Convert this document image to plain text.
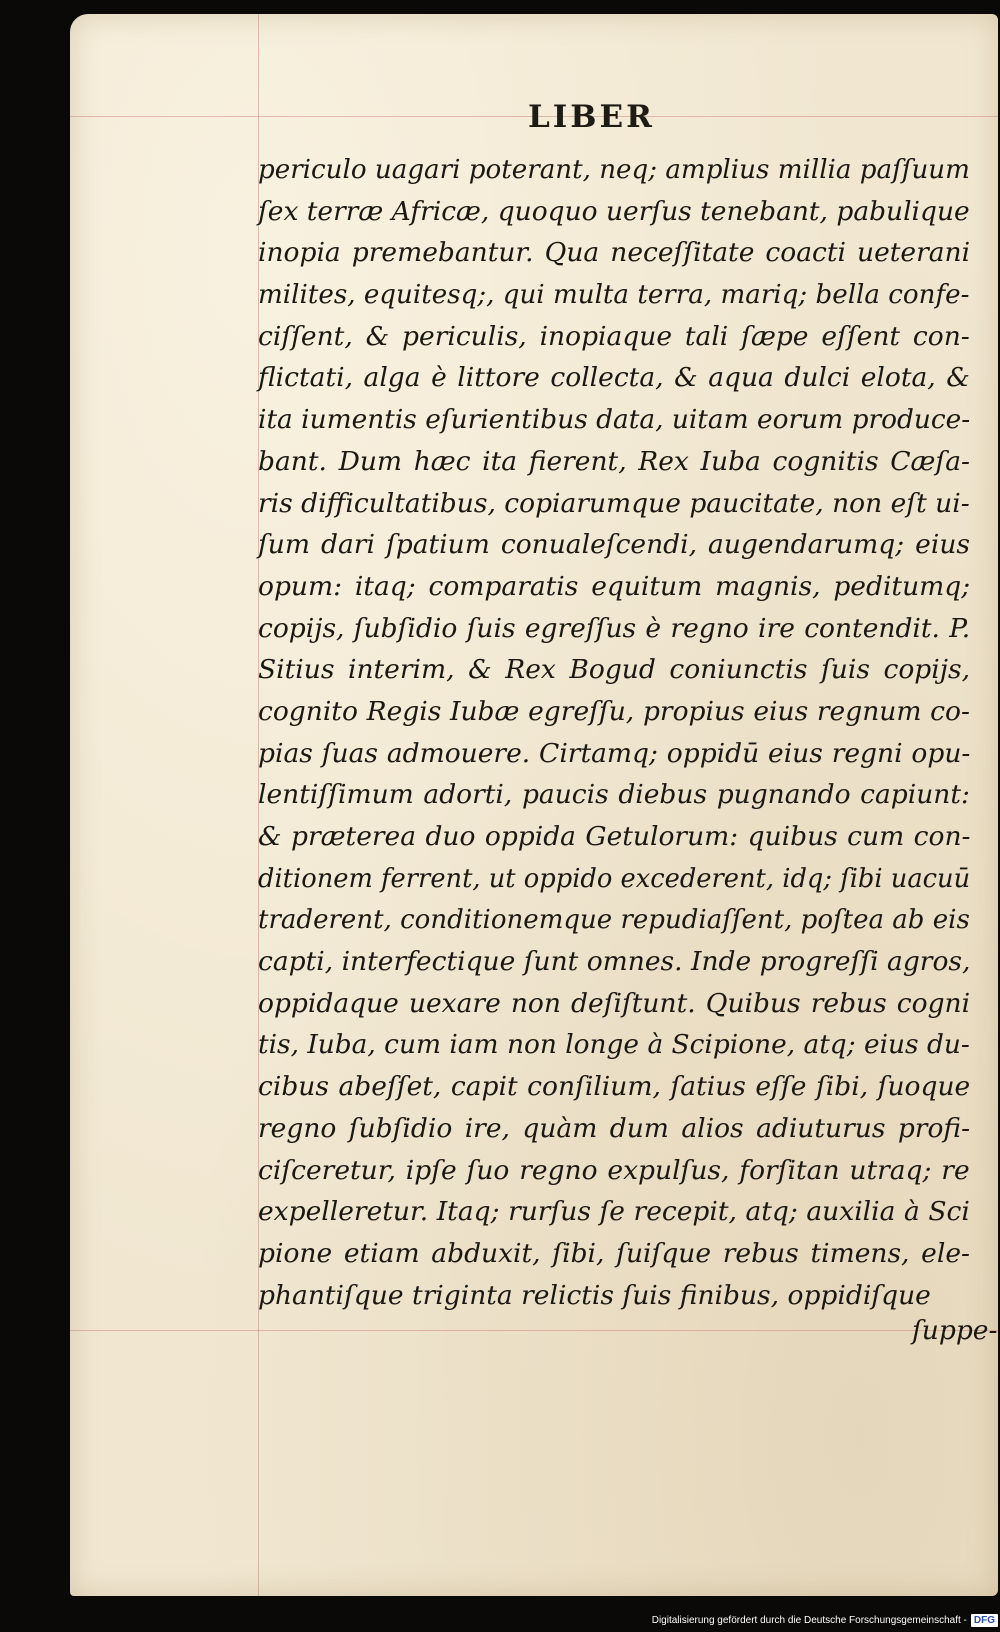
LIBER
periculo uagari poterant, neq; amplius millia paſſuum
ſex terræ Africæ, quoquo uerſus tenebant, pabulique
inopia premebantur. Qua neceſſitate coacti ueterani
milites, equitesq;, qui multa terra, mariq; bella confe-
ciſſent, & periculis, inopiaque tali ſæpe eſſent con-
flictati, alga è littore collecta, & aqua dulci elota, &
ita iumentis eſurientibus data, uitam eorum produce-
bant. Dum hæc ita fierent, Rex Iuba cognitis Cæſa-
ris difficultatibus, copiarumque paucitate, non eſt ui-
ſum dari ſpatium conualeſcendi, augendarumq; eius
opum: itaq; comparatis equitum magnis, peditumq;
copijs, ſubſidio ſuis egreſſus è regno ire contendit. P.
Sitius interim, & Rex Bogud coniunctis ſuis copijs,
cognito Regis Iubæ egreſſu, propius eius regnum co-
pias ſuas admouere. Cirtamq; oppidū eius regni opu-
lentiſſimum adorti, paucis diebus pugnando capiunt:
& præterea duo oppida Getulorum: quibus cum con-
ditionem ferrent, ut oppido excederent, idq; ſibi uacuū
traderent, conditionemque repudiaſſent, poſtea ab eis
capti, interfectique ſunt omnes. Inde progreſſi agros,
oppidaque uexare non deſiſtunt. Quibus rebus cogni
tis, Iuba, cum iam non longe à Scipione, atq; eius du-
cibus abeſſet, capit conſilium, ſatius eſſe ſibi, ſuoque
regno ſubſidio ire, quàm dum alios adiuturus profi-
ciſceretur, ipſe ſuo regno expulſus, forſitan utraq; re
expelleretur. Itaq; rurſus ſe recepit, atq; auxilia à Sci
pione etiam abduxit, ſibi, ſuiſque rebus timens, ele-
phantiſque triginta relictis ſuis finibus, oppidiſque
ſuppe-
Digitalisierung gefördert durch die Deutsche Forschungsgemeinschaft - DFG
